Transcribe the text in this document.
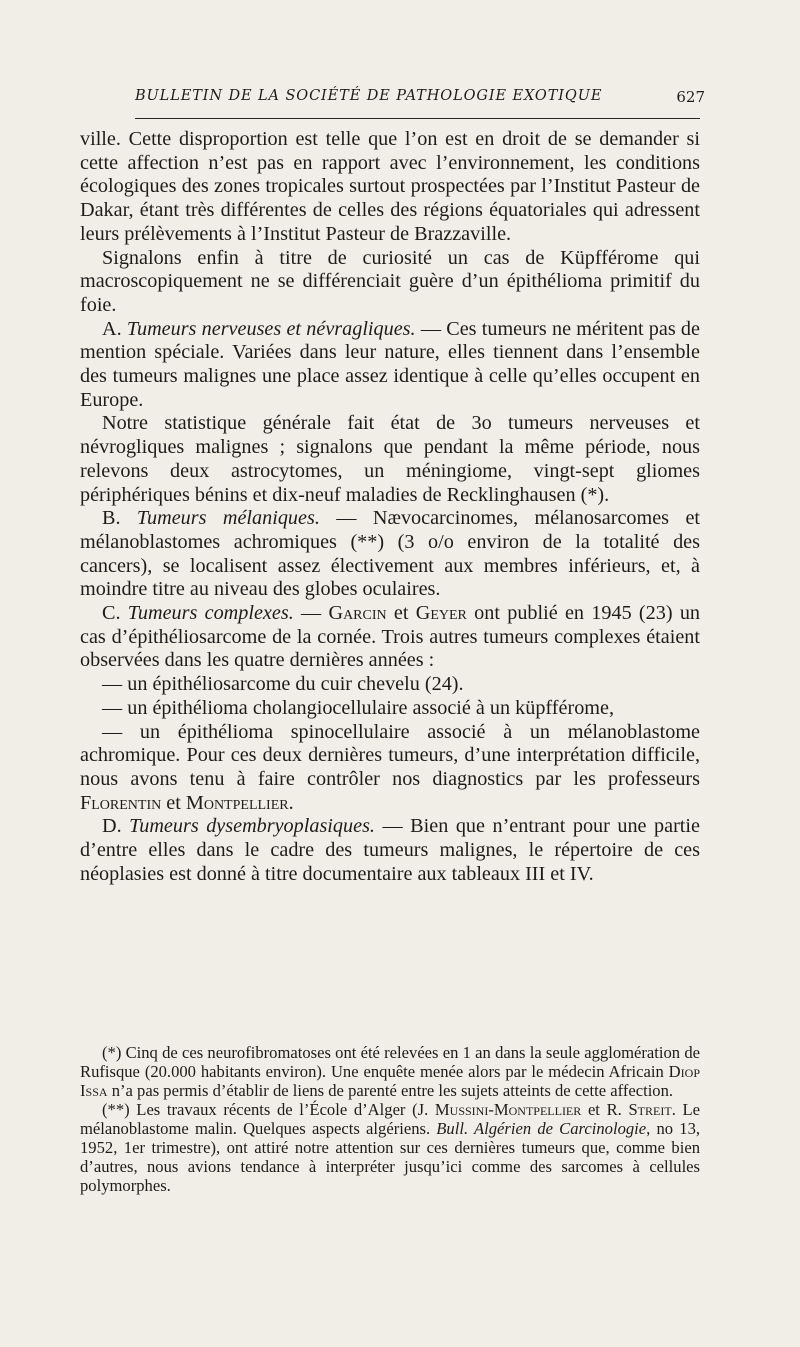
BULLETIN DE LA SOCIÉTÉ DE PATHOLOGIE EXOTIQUE	627

ville. Cette disproportion est telle que l’on est en droit de se demander si cette affection n’est pas en rapport avec l’environnement, les conditions écologiques des zones tropicales surtout prospectées par l’Institut Pasteur de Dakar, étant très différentes de celles des régions équatoriales qui adressent leurs prélèvements à l’Institut Pasteur de Brazzaville.

Signalons enfin à titre de curiosité un cas de Küpfférome qui macroscopiquement ne se différenciait guère d’un épithélioma primitif du foie.

A. Tumeurs nerveuses et névragliques. — Ces tumeurs ne méritent pas de mention spéciale. Variées dans leur nature, elles tiennent dans l’ensemble des tumeurs malignes une place assez identique à celle qu’elles occupent en Europe.

Notre statistique générale fait état de 3o tumeurs nerveuses et névrogliques malignes ; signalons que pendant la même période, nous relevons deux astrocytomes, un méningiome, vingt-sept gliomes périphériques bénins et dix-neuf maladies de Recklinghausen (*).

B. Tumeurs mélaniques. — Nævocarcinomes, mélanosarcomes et mélanoblastomes achromiques (**) (3 o/o environ de la totalité des cancers), se localisent assez électivement aux membres inférieurs, et, à moindre titre au niveau des globes oculaires.

C. Tumeurs complexes. — Garcin et Geyer ont publié en 1945 (23) un cas d’épithéliosarcome de la cornée. Trois autres tumeurs complexes étaient observées dans les quatre dernières années :

— un épithéliosarcome du cuir chevelu (24).

— un épithélioma cholangiocellulaire associé à un küpfférome,

— un épithélioma spinocellulaire associé à un mélanoblastome achromique. Pour ces deux dernières tumeurs, d’une interprétation difficile, nous avons tenu à faire contrôler nos diagnostics par les professeurs Florentin et Montpellier.

D. Tumeurs dysembryoplasiques. — Bien que n’entrant pour une partie d’entre elles dans le cadre des tumeurs malignes, le répertoire de ces néoplasies est donné à titre documentaire aux tableaux III et IV.

(*) Cinq de ces neurofibromatoses ont été relevées en 1 an dans la seule agglomération de Rufisque (20.000 habitants environ). Une enquête menée alors par le médecin Africain Diop Issa n’a pas permis d’établir de liens de parenté entre les sujets atteints de cette affection.

(**) Les travaux récents de l’École d’Alger (J. Mussini-Montpellier et R. Streit. Le mélanoblastome malin. Quelques aspects algériens. Bull. Algérien de Carcinologie, no 13, 1952, 1er trimestre), ont attiré notre attention sur ces dernières tumeurs que, comme bien d’autres, nous avions tendance à interpréter jusqu’ici comme des sarcomes à cellules polymorphes.
